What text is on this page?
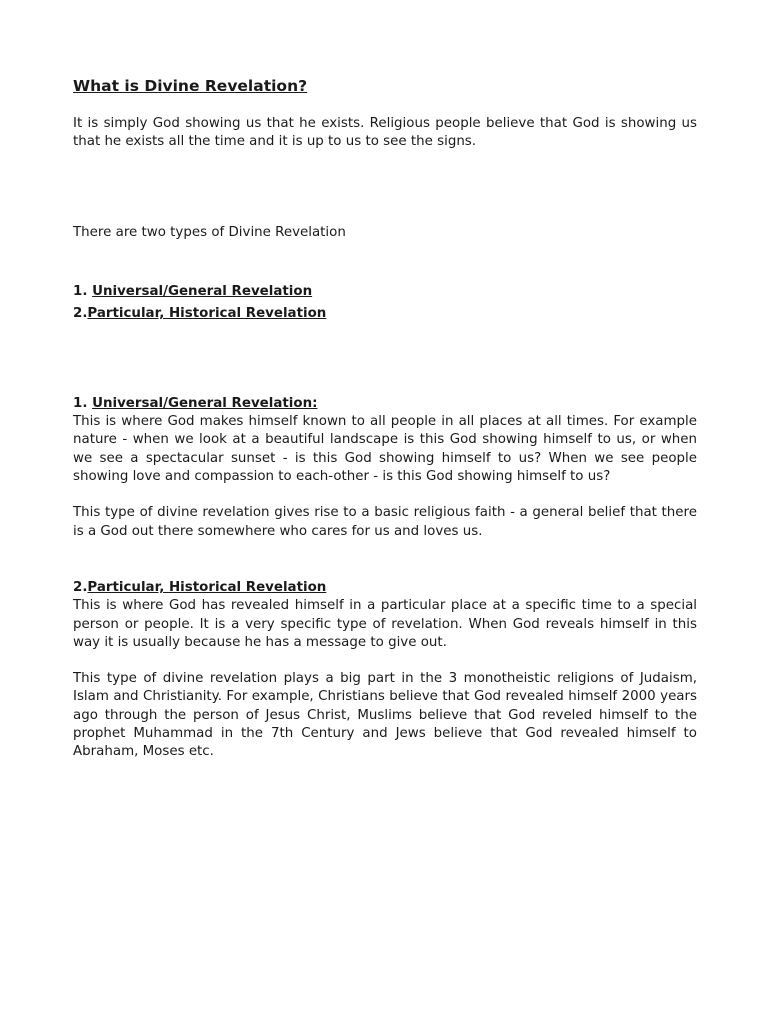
What is Divine Revelation?

It is simply God showing us that he exists. Religious people believe that God is showing us that he exists all the time and it is up to us to see the signs.

There are two types of Divine Revelation

1. Universal/General Revelation
2.Particular, Historical Revelation
1. Universal/General Revelation:

This is where God makes himself known to all people in all places at all times. For example nature - when we look at a beautiful landscape is this God showing himself to us, or when we see a spectacular sunset - is this God showing himself to us? When we see people showing love and compassion to each-other - is this God showing himself to us?

This type of divine revelation gives rise to a basic religious faith - a general belief that there is a God out there somewhere who cares for us and loves us.

2.Particular, Historical Revelation

This is where God has revealed himself in a particular place at a specific time to a special person or people. It is a very specific type of revelation. When God reveals himself in this way it is usually because he has a message to give out.

This type of divine revelation plays a big part in the 3 monotheistic religions of Judaism, Islam and Christianity. For example, Christians believe that God revealed himself 2000 years ago through the person of Jesus Christ, Muslims believe that God reveled himself to the prophet Muhammad in the 7th Century and Jews believe that God revealed himself to Abraham, Moses etc.
